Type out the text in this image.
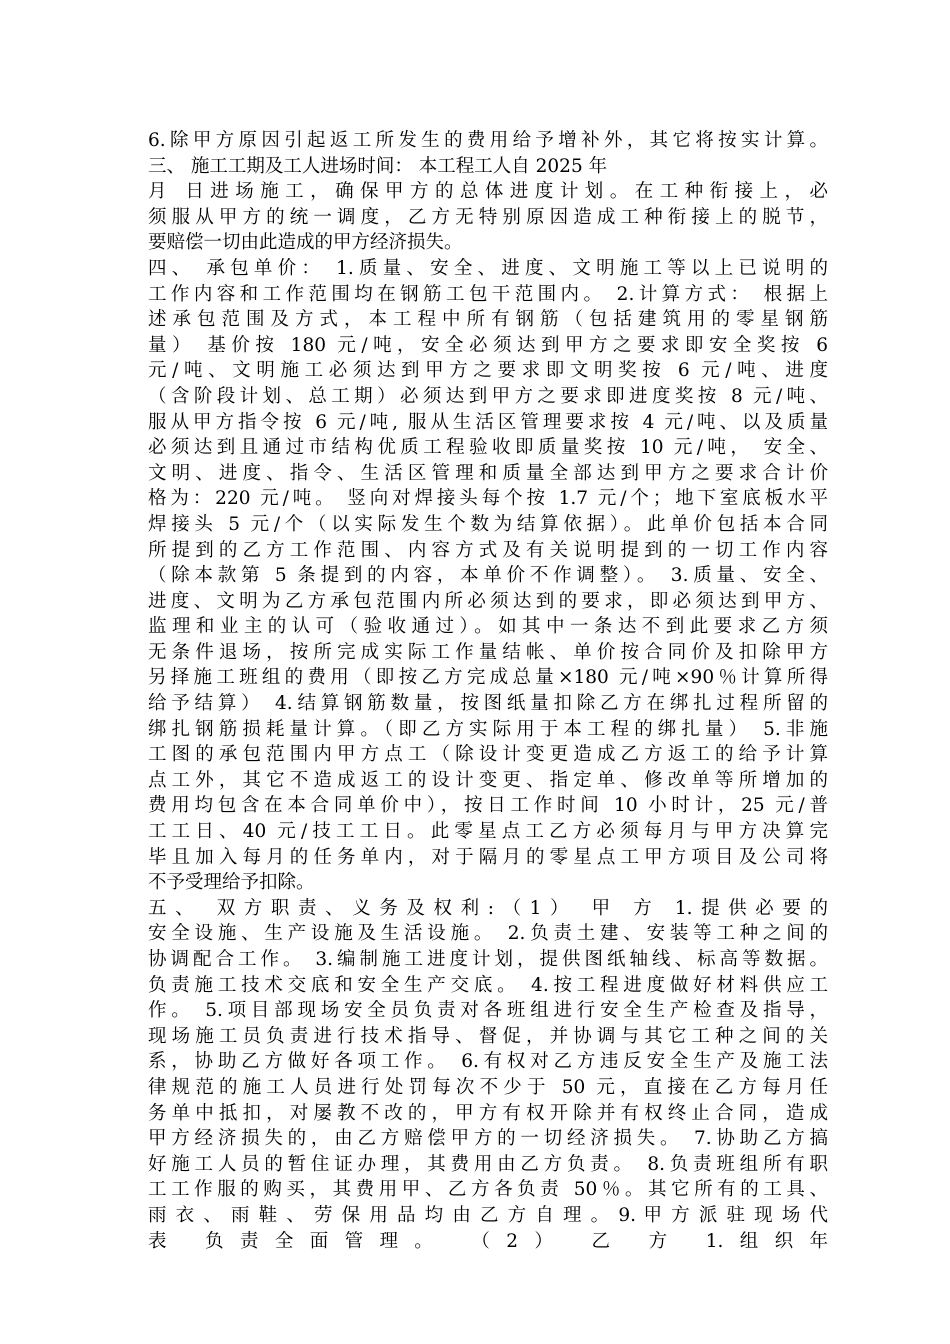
6.除甲方原因引起返工所发生的费用给予增补外，其它将按实计算。
三、 施工工期及工人进场时间： 本工程工人自 2025 年
月 日进场施工，确保甲方的总体进度计划。在工种衔接上，必
须服从甲方的统一调度，乙方无特别原因造成工种衔接上的脱节，
要赔偿一切由此造成的甲方经济损失。
四、 承包单价： 1.质量、安全、进度、文明施工等以上已说明的
工作内容和工作范围均在钢筋工包干范围内。 2.计算方式： 根据上
述承包范围及方式，本工程中所有钢筋（包括建筑用的零星钢筋
量） 基价按 180 元/吨，安全必须达到甲方之要求即安全奖按 6
元/吨、文明施工必须达到甲方之要求即文明奖按 6 元/吨、进度
（含阶段计划、总工期）必须达到甲方之要求即进度奖按 8 元/吨、
服从甲方指令按 6 元/吨, 服从生活区管理要求按 4 元/吨、以及质量
必须达到且通过市结构优质工程验收即质量奖按 10 元/吨， 安全、
文明、进度、指令、生活区管理和质量全部达到甲方之要求合计价
格为：220 元/吨。 竖向对焊接头每个按 1.7 元/个；地下室底板水平
焊接头 5 元/个（以实际发生个数为结算依据）。此单价包括本合同
所提到的乙方工作范围、内容方式及有关说明提到的一切工作内容
（除本款第 5 条提到的内容，本单价不作调整）。 3.质量、安全、
进度、文明为乙方承包范围内所必须达到的要求，即必须达到甲方、
监理和业主的认可（验收通过）。如其中一条达不到此要求乙方须
无条件退场，按所完成实际工作量结帐、单价按合同价及扣除甲方
另择施工班组的费用（即按乙方完成总量×180 元/吨×90％计算所得
给予结算） 4.结算钢筋数量，按图纸量扣除乙方在绑扎过程所留的
绑扎钢筋损耗量计算。（即乙方实际用于本工程的绑扎量） 5.非施
工图的承包范围内甲方点工（除设计变更造成乙方返工的给予计算
点工外，其它不造成返工的设计变更、指定单、修改单等所增加的
费用均包含在本合同单价中），按日工作时间 10 小时计，25 元/普
工工日、40 元/技工工日。此零星点工乙方必须每月与甲方决算完
毕且加入每月的任务单内，对于隔月的零星点工甲方项目及公司将
不予受理给予扣除。
五、 双方职责、义务及权利:（1） 甲 方 1.提供必要的
安全设施、生产设施及生活设施。 2.负责土建、安装等工种之间的
协调配合工作。 3.编制施工进度计划，提供图纸轴线、标高等数据。
负责施工技术交底和安全生产交底。 4.按工程进度做好材料供应工
作。 5.项目部现场安全员负责对各班组进行安全生产检查及指导，
现场施工员负责进行技术指导、督促，并协调与其它工种之间的关
系，协助乙方做好各项工作。 6.有权对乙方违反安全生产及施工法
律规范的施工人员进行处罚每次不少于 50 元，直接在乙方每月任
务单中抵扣，对屡教不改的，甲方有权开除并有权终止合同，造成
甲方经济损失的，由乙方赔偿甲方的一切经济损失。 7.协助乙方搞
好施工人员的暂住证办理，其费用由乙方负责。 8.负责班组所有职
工工作服的购买，其费用甲、乙方各负责 50％。其它所有的工具、
雨 衣 、 雨 鞋 、 劳 保 用 品 均 由 乙 方 自 理 。 9. 甲 方 派 驻 现 场 代
表 负责全面管理。 （2） 乙 方 1.组织年
